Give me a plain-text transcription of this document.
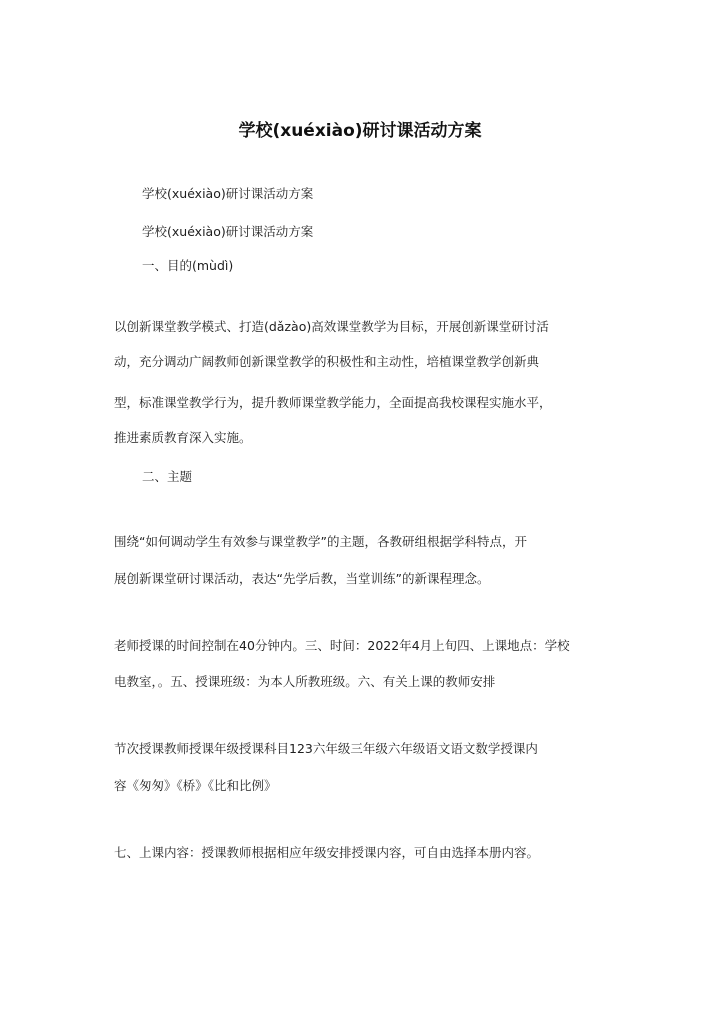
学校(xuéxiào)研讨课活动方案
学校(xuéxiào)研讨课活动方案
学校(xuéxiào)研讨课活动方案
一、目的(mùdì)
以创新课堂教学模式、打造(dǎzào)高效课堂教学为目标，开展创新课堂研讨活
动，充分调动广阔教师创新课堂教学的积极性和主动性，培植课堂教学创新典
型，标准课堂教学行为，提升教师课堂教学能力，全面提高我校课程实施水平，
推进素质教育深入实施。
二、主题
围绕“如何调动学生有效参与课堂教学”的主题，各教研组根据学科特点，开
展创新课堂研讨课活动，表达“先学后教，当堂训练”的新课程理念。
老师授课的时间控制在40分钟内。三、时间：2022年4月上旬四、上课地点：学校
电教室，。五、授课班级：为本人所教班级。六、有关上课的教师安排
节次授课教师授课年级授课科目123六年级三年级六年级语文语文数学授课内
容《匆匆》《桥》《比和比例》
七、上课内容：授课教师根据相应年级安排授课内容，可自由选择本册内容。
